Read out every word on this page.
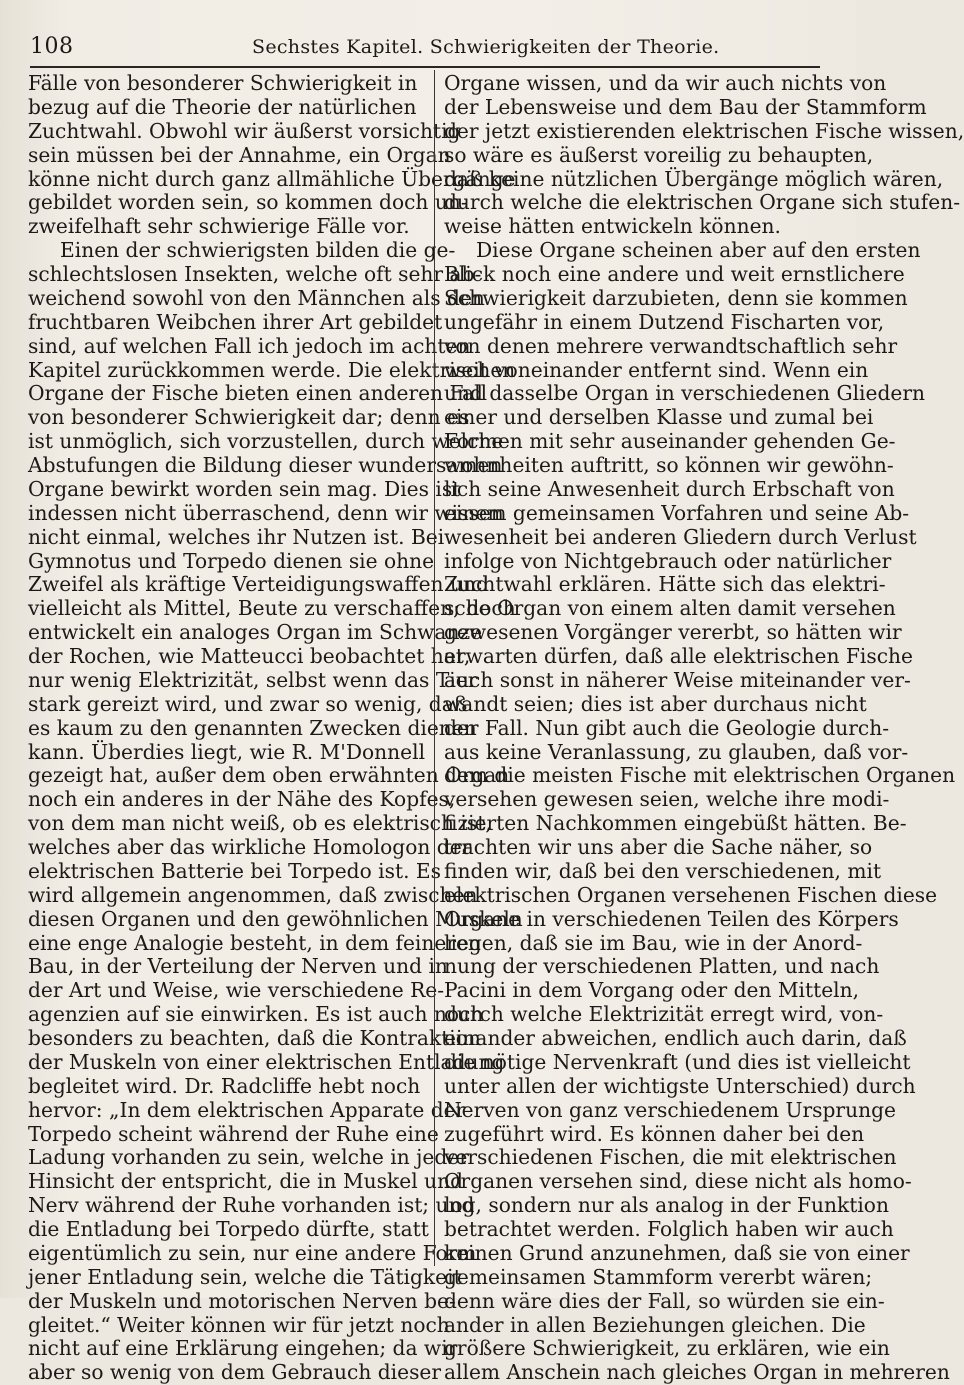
108	Sechstes Kapitel. Schwierigkeiten der Theorie.
Fälle von besonderer Schwierigkeit in
bezug auf die Theorie der natürlichen
Zuchtwahl. Obwohl wir äußerst vorsichtig
sein müssen bei der Annahme, ein Organ
könne nicht durch ganz allmähliche Übergänge
gebildet worden sein, so kommen doch un-
zweifelhaft sehr schwierige Fälle vor.
Einen der schwierigsten bilden die ge-
schlechtslosen Insekten, welche oft sehr ab-
weichend sowohl von den Männchen als den
fruchtbaren Weibchen ihrer Art gebildet
sind, auf welchen Fall ich jedoch im achten
Kapitel zurückkommen werde. Die elektrischen
Organe der Fische bieten einen anderen Fall
von besonderer Schwierigkeit dar; denn es
ist unmöglich, sich vorzustellen, durch welche
Abstufungen die Bildung dieser wundersamen
Organe bewirkt worden sein mag. Dies ist
indessen nicht überraschend, denn wir wissen
nicht einmal, welches ihr Nutzen ist. Bei
Gymnotus und Torpedo dienen sie ohne
Zweifel als kräftige Verteidigungswaffen und
vielleicht als Mittel, Beute zu verschaffen; doch
entwickelt ein analoges Organ im Schwanze
der Rochen, wie Matteucci beobachtet hat,
nur wenig Elektrizität, selbst wenn das Tier
stark gereizt wird, und zwar so wenig, daß
es kaum zu den genannten Zwecken dienen
kann. Überdies liegt, wie R. M'Donnell
gezeigt hat, außer dem oben erwähnten Organ
noch ein anderes in der Nähe des Kopfes,
von dem man nicht weiß, ob es elektrisch ist,
welches aber das wirkliche Homologon der
elektrischen Batterie bei Torpedo ist. Es
wird allgemein angenommen, daß zwischen
diesen Organen und den gewöhnlichen Muskeln
eine enge Analogie besteht, in dem feineren
Bau, in der Verteilung der Nerven und in
der Art und Weise, wie verschiedene Re-
agenzien auf sie einwirken. Es ist auch noch
besonders zu beachten, daß die Kontraktion
der Muskeln von einer elektrischen Entladung
begleitet wird. Dr. Radcliffe hebt noch
hervor: „In dem elektrischen Apparate der
Torpedo scheint während der Ruhe eine
Ladung vorhanden zu sein, welche in jeder
Hinsicht der entspricht, die in Muskel und
Nerv während der Ruhe vorhanden ist; und
die Entladung bei Torpedo dürfte, statt
eigentümlich zu sein, nur eine andere Form
jener Entladung sein, welche die Tätigkeit
der Muskeln und motorischen Nerven be-
gleitet.“ Weiter können wir für jetzt noch
nicht auf eine Erklärung eingehen; da wir
aber so wenig von dem Gebrauch dieser
Organe wissen, und da wir auch nichts von
der Lebensweise und dem Bau der Stammform
der jetzt existierenden elektrischen Fische wissen,
so wäre es äußerst voreilig zu behaupten,
daß keine nützlichen Übergänge möglich wären,
durch welche die elektrischen Organe sich stufen-
weise hätten entwickeln können.
Diese Organe scheinen aber auf den ersten
Blick noch eine andere und weit ernstlichere
Schwierigkeit darzubieten, denn sie kommen
ungefähr in einem Dutzend Fischarten vor,
von denen mehrere verwandtschaftlich sehr
weit voneinander entfernt sind. Wenn ein
und dasselbe Organ in verschiedenen Gliedern
einer und derselben Klasse und zumal bei
Formen mit sehr auseinander gehenden Ge-
wohnheiten auftritt, so können wir gewöhn-
lich seine Anwesenheit durch Erbschaft von
einem gemeinsamen Vorfahren und seine Ab-
wesenheit bei anderen Gliedern durch Verlust
infolge von Nichtgebrauch oder natürlicher
Zuchtwahl erklären. Hätte sich das elektri-
sche Organ von einem alten damit versehen
gewesenen Vorgänger vererbt, so hätten wir
erwarten dürfen, daß alle elektrischen Fische
auch sonst in näherer Weise miteinander ver-
wandt seien; dies ist aber durchaus nicht
der Fall. Nun gibt auch die Geologie durch-
aus keine Veranlassung, zu glauben, daß vor-
dem die meisten Fische mit elektrischen Organen
versehen gewesen seien, welche ihre modi-
fizierten Nachkommen eingebüßt hätten. Be-
trachten wir uns aber die Sache näher, so
finden wir, daß bei den verschiedenen, mit
elektrischen Organen versehenen Fischen diese
Organe in verschiedenen Teilen des Körpers
liegen, daß sie im Bau, wie in der Anord-
nung der verschiedenen Platten, und nach
Pacini in dem Vorgang oder den Mitteln,
durch welche Elektrizität erregt wird, von-
einander abweichen, endlich auch darin, daß
die nötige Nervenkraft (und dies ist vielleicht
unter allen der wichtigste Unterschied) durch
Nerven von ganz verschiedenem Ursprunge
zugeführt wird. Es können daher bei den
verschiedenen Fischen, die mit elektrischen
Organen versehen sind, diese nicht als homo-
log, sondern nur als analog in der Funktion
betrachtet werden. Folglich haben wir auch
keinen Grund anzunehmen, daß sie von einer
gemeinsamen Stammform vererbt wären;
denn wäre dies der Fall, so würden sie ein-
ander in allen Beziehungen gleichen. Die
größere Schwierigkeit, zu erklären, wie ein
allem Anschein nach gleiches Organ in mehreren
